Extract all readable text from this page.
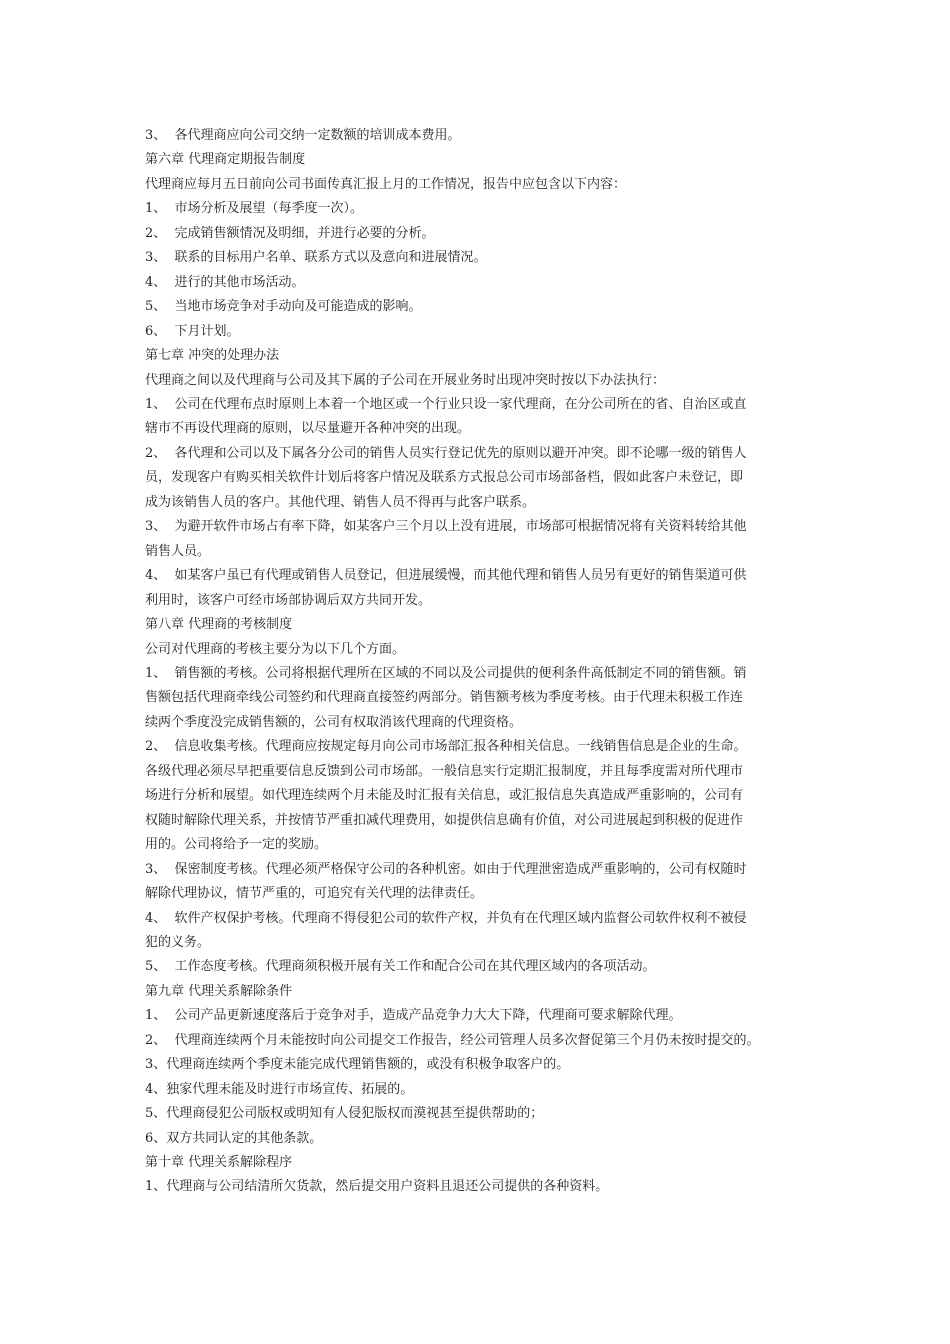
3、  各代理商应向公司交纳一定数额的培训成本费用。
第六章 代理商定期报告制度
代理商应每月五日前向公司书面传真汇报上月的工作情况，报告中应包含以下内容：
1、  市场分析及展望（每季度一次）。
2、  完成销售额情况及明细，并进行必要的分析。
3、  联系的目标用户名单、联系方式以及意向和进展情况。
4、  进行的其他市场活动。
5、  当地市场竞争对手动向及可能造成的影响。
6、  下月计划。
第七章 冲突的处理办法
代理商之间以及代理商与公司及其下属的子公司在开展业务时出现冲突时按以下办法执行：
1、  公司在代理布点时原则上本着一个地区或一个行业只设一家代理商，在分公司所在的省、自治区或直
辖市不再设代理商的原则，以尽量避开各种冲突的出现。
2、  各代理和公司以及下属各分公司的销售人员实行登记优先的原则以避开冲突。即不论哪一级的销售人
员，发现客户有购买相关软件计划后将客户情况及联系方式报总公司市场部备档，假如此客户未登记，即
成为该销售人员的客户。其他代理、销售人员不得再与此客户联系。
3、  为避开软件市场占有率下降，如某客户三个月以上没有进展，市场部可根据情况将有关资料转给其他
销售人员。
4、  如某客户虽已有代理或销售人员登记，但进展缓慢，而其他代理和销售人员另有更好的销售渠道可供
利用时，该客户可经市场部协调后双方共同开发。
第八章 代理商的考核制度
公司对代理商的考核主要分为以下几个方面。
1、  销售额的考核。公司将根据代理所在区域的不同以及公司提供的便利条件高低制定不同的销售额。销
售额包括代理商牵线公司签约和代理商直接签约两部分。销售额考核为季度考核。由于代理未积极工作连
续两个季度没完成销售额的，公司有权取消该代理商的代理资格。
2、  信息收集考核。代理商应按规定每月向公司市场部汇报各种相关信息。一线销售信息是企业的生命。
各级代理必须尽早把重要信息反馈到公司市场部。一般信息实行定期汇报制度，并且每季度需对所代理市
场进行分析和展望。如代理连续两个月未能及时汇报有关信息，或汇报信息失真造成严重影响的，公司有
权随时解除代理关系，并按情节严重扣减代理费用，如提供信息确有价值，对公司进展起到积极的促进作
用的。公司将给予一定的奖励。
3、  保密制度考核。代理必须严格保守公司的各种机密。如由于代理泄密造成严重影响的，公司有权随时
解除代理协议，情节严重的，可追究有关代理的法律责任。
4、  软件产权保护考核。代理商不得侵犯公司的软件产权，并负有在代理区域内监督公司软件权利不被侵
犯的义务。
5、  工作态度考核。代理商须积极开展有关工作和配合公司在其代理区域内的各项活动。
第九章 代理关系解除条件
1、  公司产品更新速度落后于竞争对手，造成产品竞争力大大下降，代理商可要求解除代理。
2、  代理商连续两个月未能按时向公司提交工作报告，经公司管理人员多次督促第三个月仍未按时提交的。
3、代理商连续两个季度未能完成代理销售额的，或没有积极争取客户的。
4、独家代理未能及时进行市场宣传、拓展的。
5、代理商侵犯公司版权或明知有人侵犯版权而漠视甚至提供帮助的；
6、双方共同认定的其他条款。
第十章 代理关系解除程序
1、代理商与公司结清所欠货款，然后提交用户资料且退还公司提供的各种资料。
